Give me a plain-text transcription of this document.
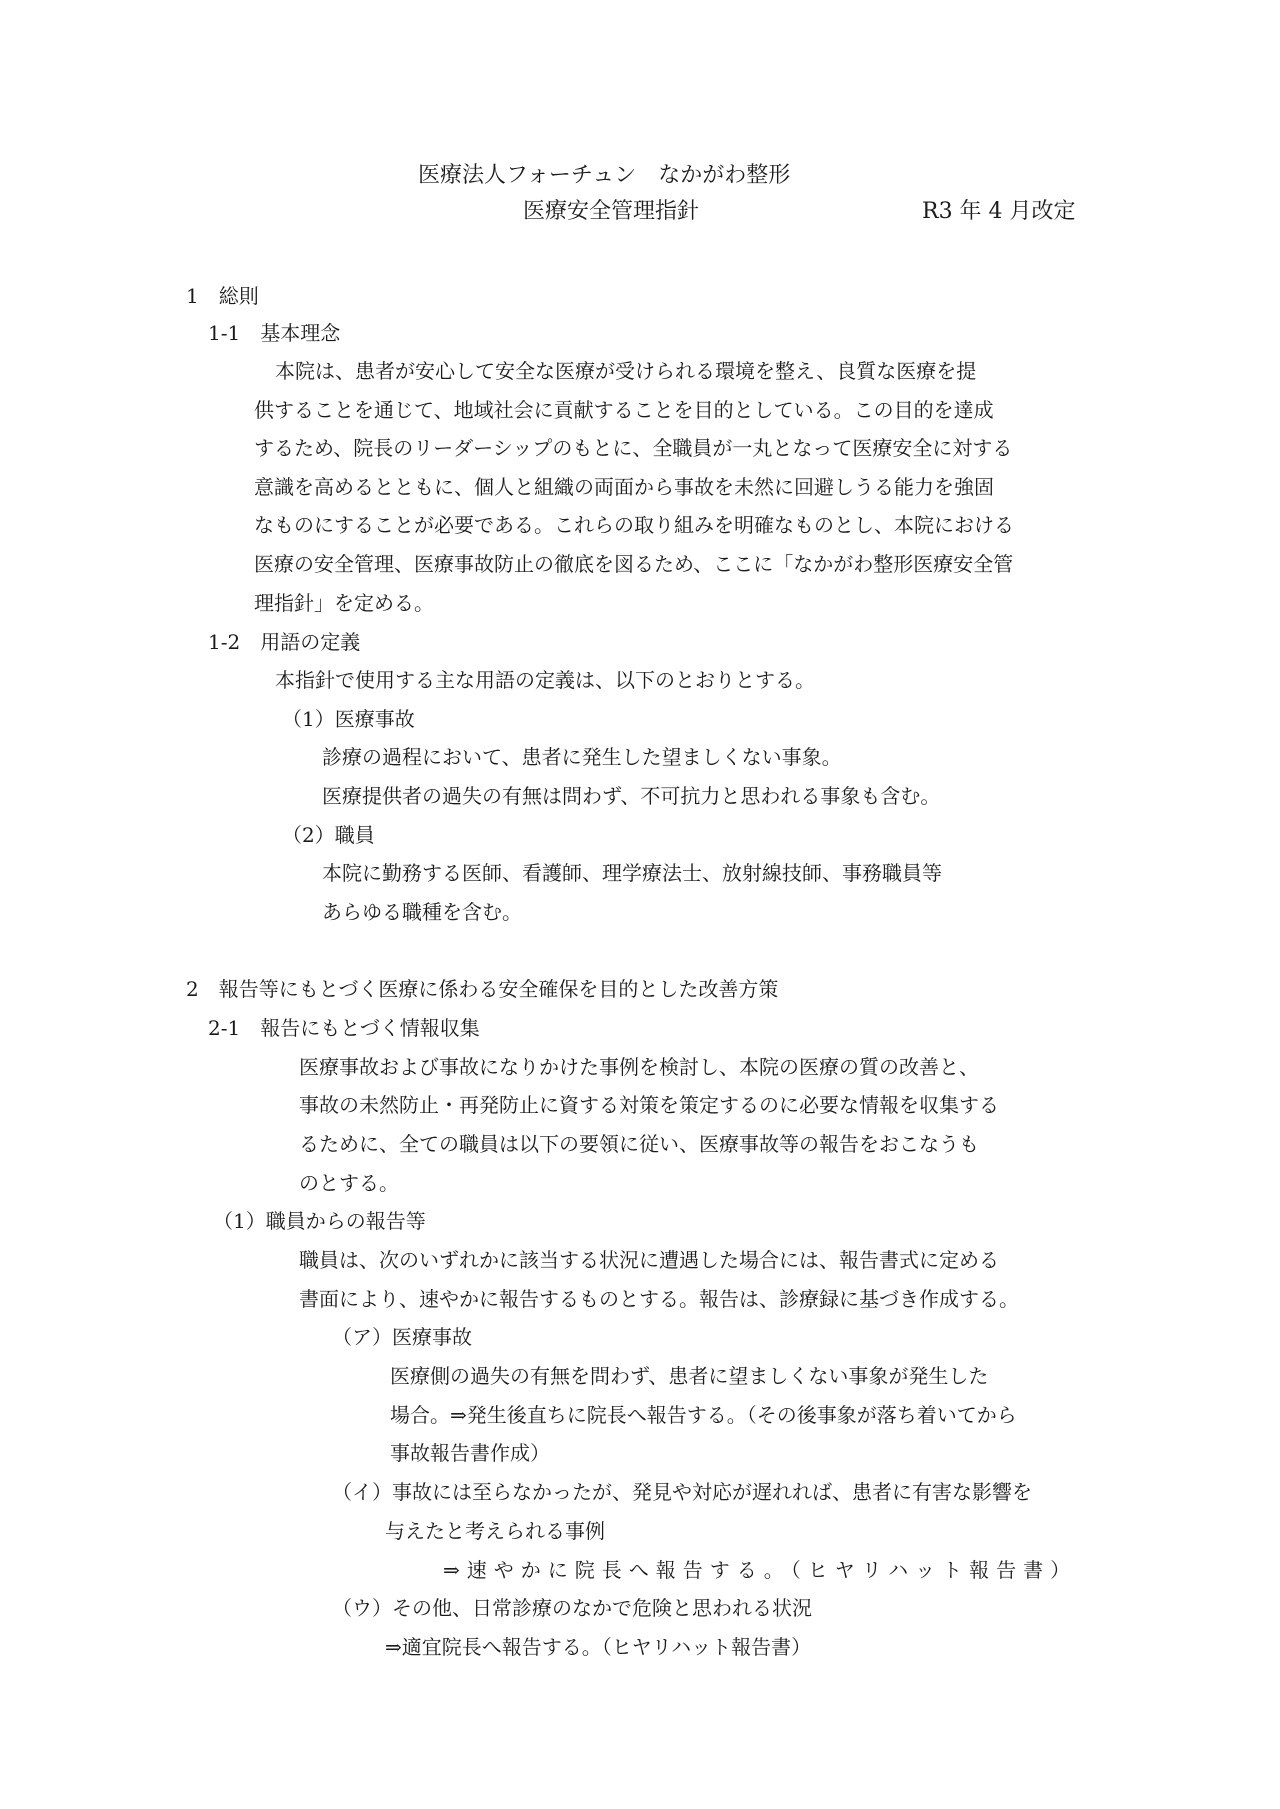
医療法人フォーチュン　なかがわ整形
医療安全管理指針	R3 年 4 月改定
1　総則
1-1　基本理念
本院は、患者が安心して安全な医療が受けられる環境を整え、良質な医療を提
供することを通じて、地域社会に貢献することを目的としている。この目的を達成
するため、院長のリーダーシップのもとに、全職員が一丸となって医療安全に対する
意識を高めるとともに、個人と組織の両面から事故を未然に回避しうる能力を強固
なものにすることが必要である。これらの取り組みを明確なものとし、本院における
医療の安全管理、医療事故防止の徹底を図るため、ここに「なかがわ整形医療安全管
理指針」を定める。
1-2　用語の定義
本指針で使用する主な用語の定義は、以下のとおりとする。
（1）医療事故
診療の過程において、患者に発生した望ましくない事象。
医療提供者の過失の有無は問わず、不可抗力と思われる事象も含む。
（2）職員
本院に勤務する医師、看護師、理学療法士、放射線技師、事務職員等
あらゆる職種を含む。
2　報告等にもとづく医療に係わる安全確保を目的とした改善方策
2-1　報告にもとづく情報収集
医療事故および事故になりかけた事例を検討し、本院の医療の質の改善と、
事故の未然防止・再発防止に資する対策を策定するのに必要な情報を収集する
るために、全ての職員は以下の要領に従い、医療事故等の報告をおこなうも
のとする。
（1）職員からの報告等
職員は、次のいずれかに該当する状況に遭遇した場合には、報告書式に定める
書面により、速やかに報告するものとする。報告は、診療録に基づき作成する。
（ア）医療事故
医療側の過失の有無を問わず、患者に望ましくない事象が発生した
場合。⇒発生後直ちに院長へ報告する。（その後事象が落ち着いてから
事故報告書作成）
（イ）事故には至らなかったが、発見や対応が遅れれば、患者に有害な影響を
与えたと考えられる事例
⇒速やかに院長へ報告する。（ヒヤリハット報告書）
（ウ）その他、日常診療のなかで危険と思われる状況
⇒適宜院長へ報告する。（ヒヤリハット報告書）
